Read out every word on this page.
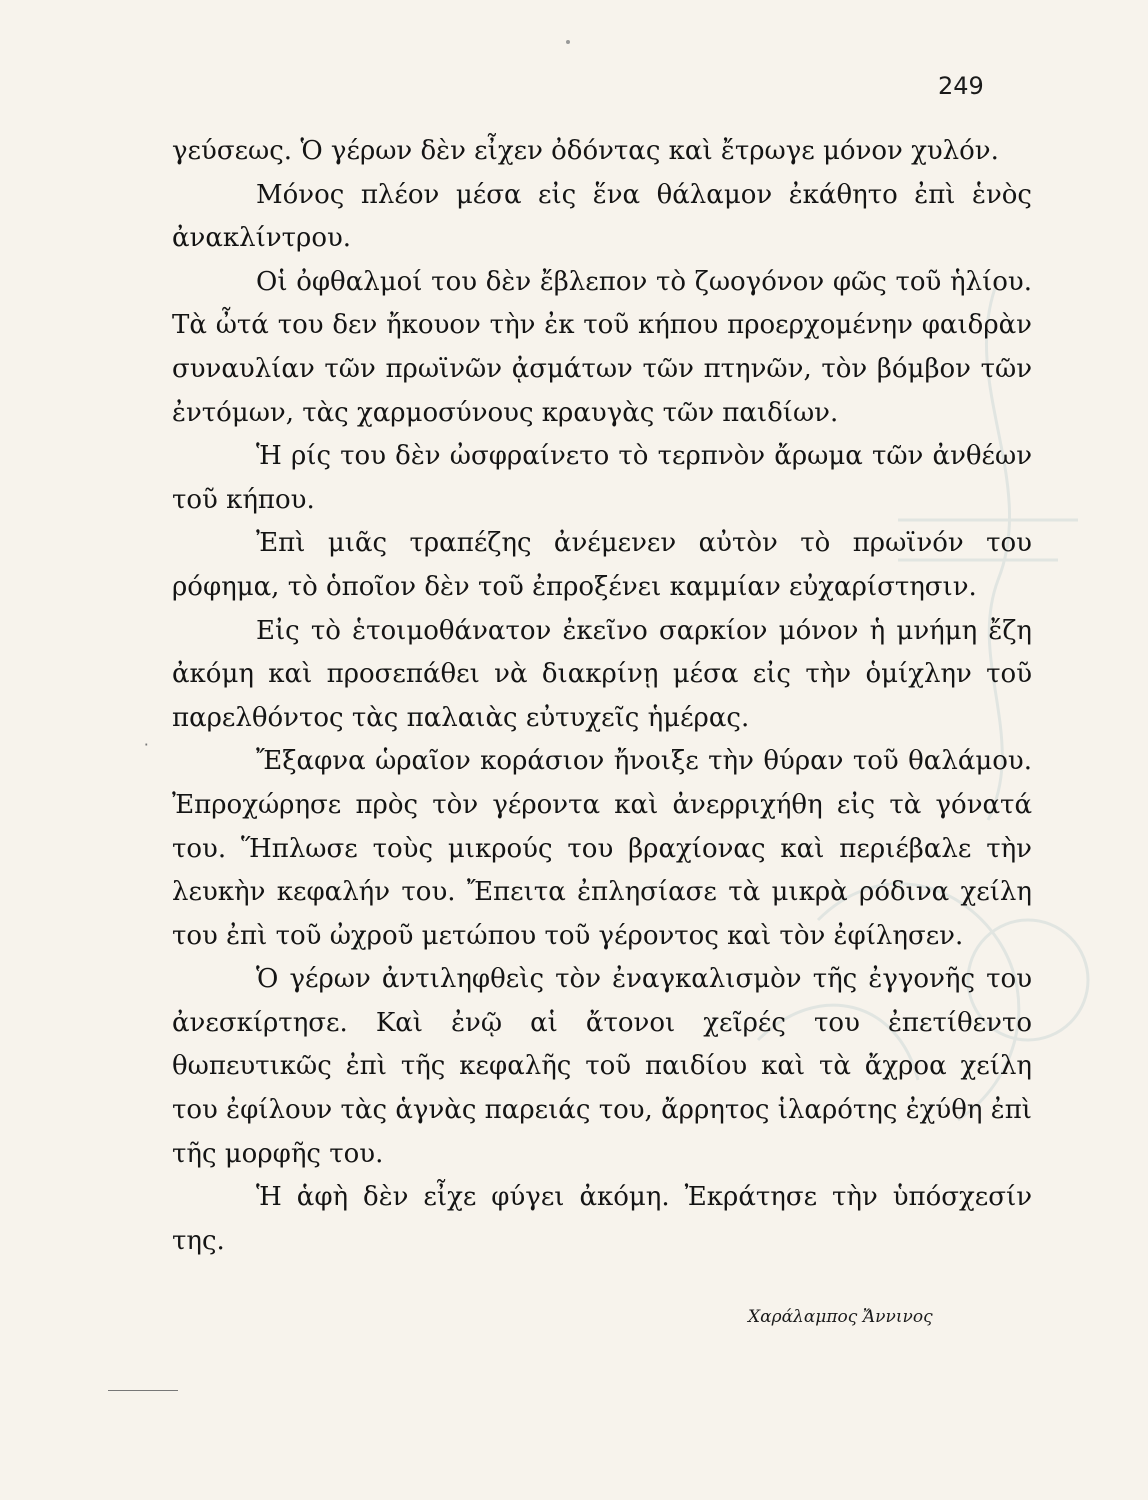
249

γεύσεως. Ὁ γέρων δὲν εἶχεν ὀδόντας καὶ ἔτρωγε μόνον χυλόν.

Μόνος πλέον μέσα εἰς ἕνα θάλαμον ἐκάθητο ἐπὶ ἑνὸς ἀνακλίντρου.

Οἱ ὀφθαλμοί του δὲν ἔβλεπον τὸ ζωογόνον φῶς τοῦ ἡλίου. Τὰ ὦτά του δεν ἤκουον τὴν ἐκ τοῦ κήπου προερχομένην φαιδρὰν συναυλίαν τῶν πρωϊνῶν ᾀσμάτων τῶν πτηνῶν, τὸν βόμβον τῶν ἐντόμων, τὰς χαρμοσύνους κραυγὰς τῶν παιδίων.

Ἡ ρίς του δὲν ὠσφραίνετο τὸ τερπνὸν ἄρωμα τῶν ἀνθέων τοῦ κήπου.

Ἐπὶ μιᾶς τραπέζης ἀνέμενεν αὐτὸν τὸ πρωϊνόν του ρόφημα, τὸ ὁποῖον δὲν τοῦ ἐπροξένει καμμίαν εὐχαρίστησιν.

Εἰς τὸ ἑτοιμοθάνατον ἐκεῖνο σαρκίον μόνον ἡ μνήμη ἔζη ἀκόμη καὶ προσεπάθει νὰ διακρίνῃ μέσα εἰς τὴν ὁμίχλην τοῦ παρελθόντος τὰς παλαιὰς εὐτυχεῖς ἡμέρας.

Ἔξαφνα ὡραῖον κοράσιον ἤνοιξε τὴν θύραν τοῦ θαλάμου. Ἐπροχώρησε πρὸς τὸν γέροντα καὶ ἀνερριχήθη εἰς τὰ γόνατά του. Ἥπλωσε τοὺς μικρούς του βραχίονας καὶ περιέβαλε τὴν λευκὴν κεφαλήν του. Ἔπειτα ἐπλησίασε τὰ μικρὰ ρόδινα χείλη του ἐπὶ τοῦ ὠχροῦ μετώπου τοῦ γέροντος καὶ τὸν ἐφίλησεν.

Ὁ γέρων ἀντιληφθεὶς τὸν ἐναγκαλισμὸν τῆς ἐγγονῆς του ἀνεσκίρτησε. Καὶ ἐνῷ αἱ ἄτονοι χεῖρές του ἐπετίθεντο θωπευτικῶς ἐπὶ τῆς κεφαλῆς τοῦ παιδίου καὶ τὰ ἄχροα χείλη του ἐφίλουν τὰς ἁγνὰς παρειάς του, ἄρρητος ἱλαρότης ἐχύθη ἐπὶ τῆς μορφῆς του.

Ἡ ἁφὴ δὲν εἶχε φύγει ἀκόμη. Ἐκράτησε τὴν ὑπόσχεσίν της.

٠
Χαράλαμπος Ἄννινος
